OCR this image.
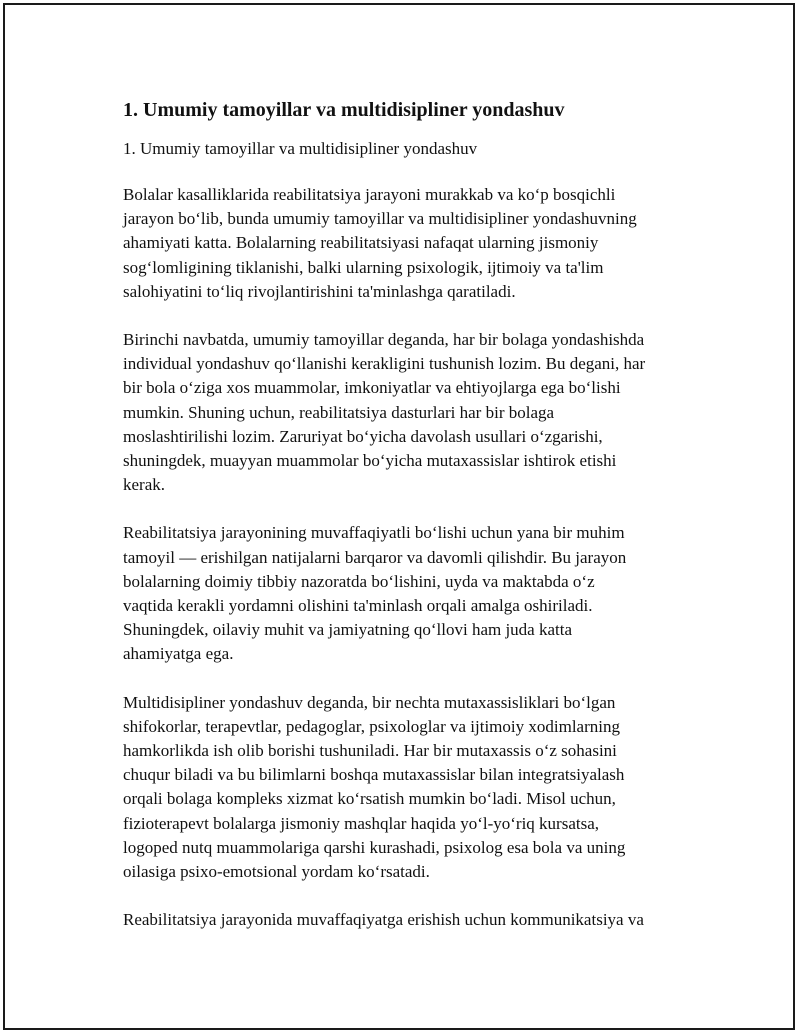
1. Umumiy tamoyillar va multidisipliner yondashuv

1. Umumiy tamoyillar va multidisipliner yondashuv

Bolalar kasalliklarida reabilitatsiya jarayoni murakkab va ko‘p bosqichli
jarayon bo‘lib, bunda umumiy tamoyillar va multidisipliner yondashuvning
ahamiyati katta. Bolalarning reabilitatsiyasi nafaqat ularning jismoniy
sog‘lomligining tiklanishi, balki ularning psixologik, ijtimoiy va ta'lim
salohiyatini to‘liq rivojlantirishini ta'minlashga qaratiladi.

Birinchi navbatda, umumiy tamoyillar deganda, har bir bolaga yondashishda
individual yondashuv qo‘llanishi kerakligini tushunish lozim. Bu degani, har
bir bola o‘ziga xos muammolar, imkoniyatlar va ehtiyojlarga ega bo‘lishi
mumkin. Shuning uchun, reabilitatsiya dasturlari har bir bolaga
moslashtirilishi lozim. Zaruriyat bo‘yicha davolash usullari o‘zgarishi,
shuningdek, muayyan muammolar bo‘yicha mutaxassislar ishtirok etishi
kerak.

Reabilitatsiya jarayonining muvaffaqiyatli bo‘lishi uchun yana bir muhim
tamoyil — erishilgan natijalarni barqaror va davomli qilishdir. Bu jarayon
bolalarning doimiy tibbiy nazoratda bo‘lishini, uyda va maktabda o‘z
vaqtida kerakli yordamni olishini ta'minlash orqali amalga oshiriladi.
Shuningdek, oilaviy muhit va jamiyatning qo‘llovi ham juda katta
ahamiyatga ega.

Multidisipliner yondashuv deganda, bir nechta mutaxassisliklari bo‘lgan
shifokorlar, terapevtlar, pedagoglar, psixologlar va ijtimoiy xodimlarning
hamkorlikda ish olib borishi tushuniladi. Har bir mutaxassis o‘z sohasini
chuqur biladi va bu bilimlarni boshqa mutaxassislar bilan integratsiyalash
orqali bolaga kompleks xizmat ko‘rsatish mumkin bo‘ladi. Misol uchun,
fizioterapevt bolalarga jismoniy mashqlar haqida yo‘l-yo‘riq kursatsa,
logoped nutq muammolariga qarshi kurashadi, psixolog esa bola va uning
oilasiga psixo-emotsional yordam ko‘rsatadi.

Reabilitatsiya jarayonida muvaffaqiyatga erishish uchun kommunikatsiya va
